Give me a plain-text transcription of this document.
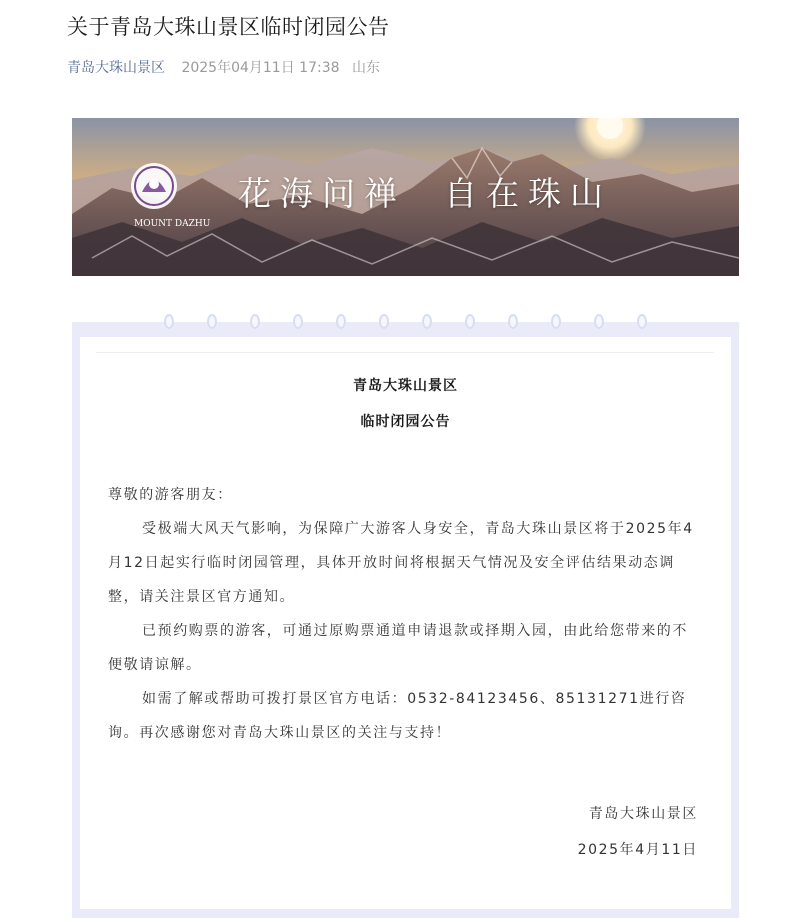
关于青岛大珠山景区临时闭园公告
青岛大珠山景区 2025年04月11日 17:38 山东
MOUNT DAZHU
花海问禅 自在珠山
青岛大珠山景区
临时闭园公告
尊敬的游客朋友：
受极端大风天气影响，为保障广大游客人身安全，青岛大珠山景区将于2025年4月12日起实行临时闭园管理，具体开放时间将根据天气情况及安全评估结果动态调整，请关注景区官方通知。
已预约购票的游客，可通过原购票通道申请退款或择期入园，由此给您带来的不便敬请谅解。
如需了解或帮助可拨打景区官方电话：0532-84123456、85131271进行咨询。再次感谢您对青岛大珠山景区的关注与支持！
青岛大珠山景区
2025年4月11日
